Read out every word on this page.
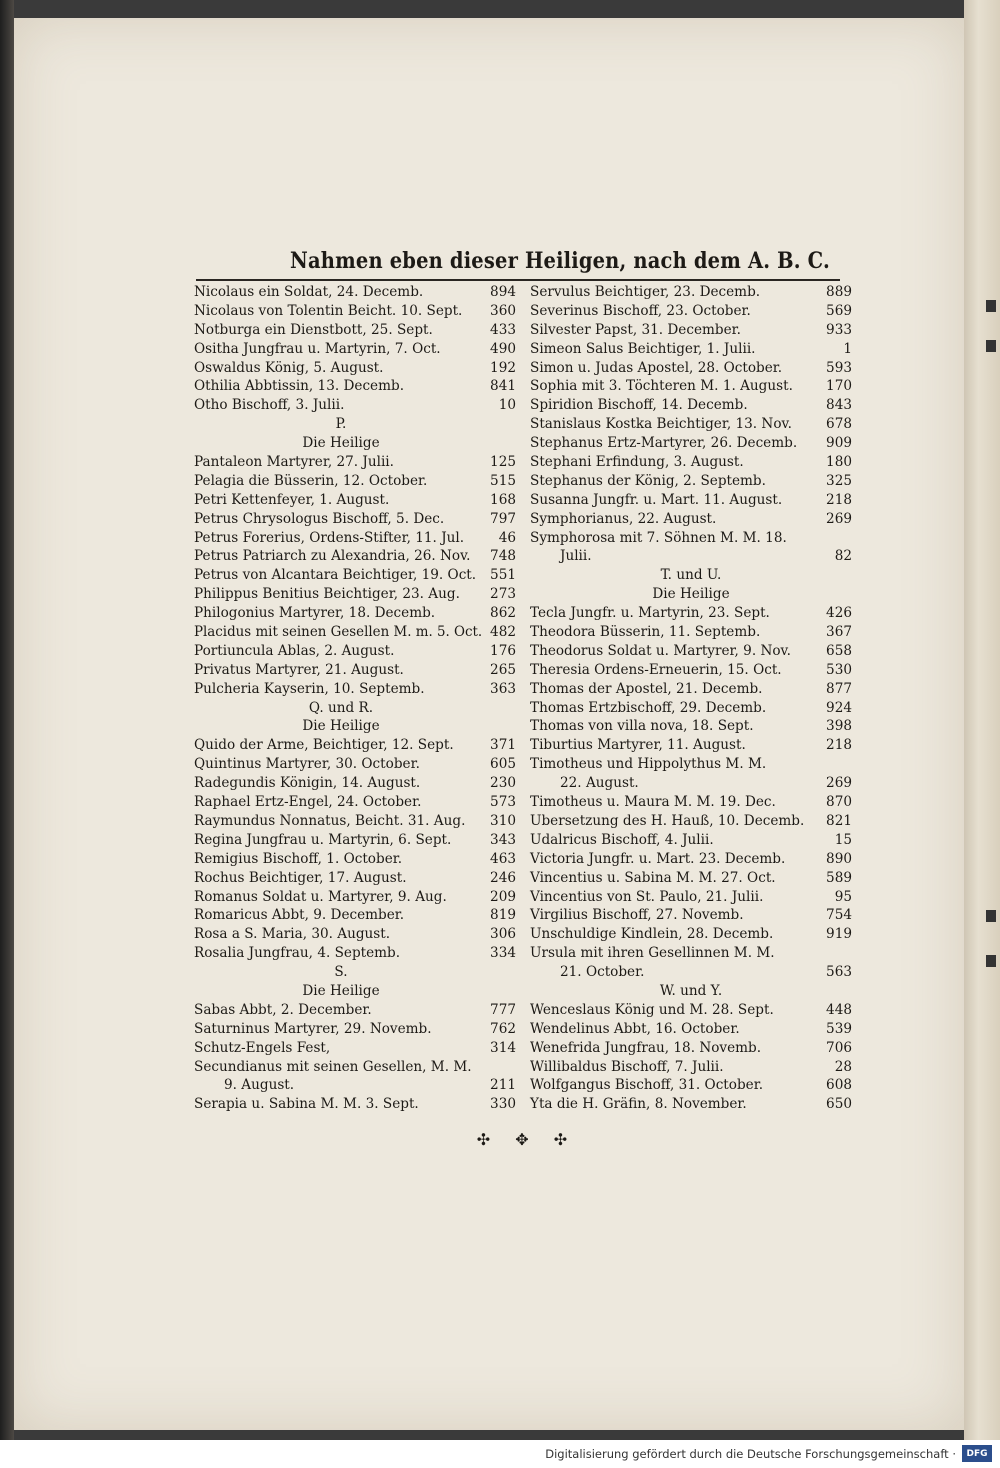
Nahmen eben dieser Heiligen, nach dem A. B. C.
Nicolaus ein Soldat, 24. Decemb.	894
Nicolaus von Tolentin Beicht. 10. Sept. 360
Notburga ein Dienstbott, 25. Sept.	433
Ositha Jungfrau u. Martyrin, 7. Oct.	490
Oswaldus König, 5. August.	192
Othilia Abbtissin, 13. Decemb.	841
Otho Bischoff, 3. Julii.	10
P.
Die Heilige
Pantaleon Martyrer, 27. Julii.	125
Pelagia die Büsserin, 12. October.	515
Petri Kettenfeyer, 1. August.	168
Petrus Chrysologus Bischoff, 5. Dec.	797
Petrus Forerius, Ordens-Stifter, 11. Jul.	46
Petrus Patriarch zu Alexandria, 26. Nov. 748
Petrus von Alcantara Beichtiger, 19. Oct. 551
Philippus Benitius Beichtiger, 23. Aug. 273
Philogonius Martyrer, 18. Decemb.	862
Placidus mit seinen Gesellen M. m. 5. Oct. 482
Portiuncula Ablas, 2. August.	176
Privatus Martyrer, 21. August.	265
Pulcheria Kayserin, 10. Septemb.	363
Q. und R.
Die Heilige
Quido der Arme, Beichtiger, 12. Sept.	371
Quintinus Martyrer, 30. October.	605
Radegundis Königin, 14. August.	230
Raphael Ertz-Engel, 24. October.	573
Raymundus Nonnatus, Beicht. 31. Aug. 310
Regina Jungfrau u. Martyrin, 6. Sept.	343
Remigius Bischoff, 1. October.	463
Rochus Beichtiger, 17. August.	246
Romanus Soldat u. Martyrer, 9. Aug.	209
Romaricus Abbt, 9. December.	819
Rosa a S. Maria, 30. August.	306
Rosalia Jungfrau, 4. Septemb.	334
S.
Die Heilige
Sabas Abbt, 2. December.	777
Saturninus Martyrer, 29. Novemb.	762
Schutz-Engels Fest,	314
Secundianus mit seinen Gesellen, M. M.
9. August.	211
Serapia u. Sabina M. M. 3. Sept.	330
Servulus Beichtiger, 23. Decemb.	889
Severinus Bischoff, 23. October.	569
Silvester Papst, 31. December.	933
Simeon Salus Beichtiger, 1. Julii.	1
Simon u. Judas Apostel, 28. October.	593
Sophia mit 3. Töchteren M. 1. August. 170
Spiridion Bischoff, 14. Decemb.	843
Stanislaus Kostka Beichtiger, 13. Nov.	678
Stephanus Ertz-Martyrer, 26. Decemb. 909
Stephani Erfindung, 3. August.	180
Stephanus der König, 2. Septemb.	325
Susanna Jungfr. u. Mart. 11. August.	218
Symphorianus, 22. August.	269
Symphorosa mit 7. Söhnen M. M. 18.
Julii.	82
T. und U.
Die Heilige
Tecla Jungfr. u. Martyrin, 23. Sept.	426
Theodora Büsserin, 11. Septemb.	367
Theodorus Soldat u. Martyrer, 9. Nov.	658
Theresia Ordens-Erneuerin, 15. Oct.	530
Thomas der Apostel, 21. Decemb.	877
Thomas Ertzbischoff, 29. Decemb.	924
Thomas von villa nova, 18. Sept.	398
Tiburtius Martyrer, 11. August.	218
Timotheus und Hippolythus M. M.
22. August.	269
Timotheus u. Maura M. M. 19. Dec.	870
Ubersetzung des H. Hauß, 10. Decemb. 821
Udalricus Bischoff, 4. Julii.	15
Victoria Jungfr. u. Mart. 23. Decemb.	890
Vincentius u. Sabina M. M. 27. Oct.	589
Vincentius von St. Paulo, 21. Julii.	95
Virgilius Bischoff, 27. Novemb.	754
Unschuldige Kindlein, 28. Decemb.	919
Ursula mit ihren Gesellinnen M. M.
21. October.	563
W. und Y.
Wenceslaus König und M. 28. Sept.	448
Wendelinus Abbt, 16. October.	539
Wenefrida Jungfrau, 18. Novemb.	706
Willibaldus Bischoff, 7. Julii.	28
Wolfgangus Bischoff, 31. October.	608
Yta die H. Gräfin, 8. November.	650
✣ ✥ ✣
Digitalisierung gefördert durch die Deutsche Forschungsgemeinschaft ·	DFG
